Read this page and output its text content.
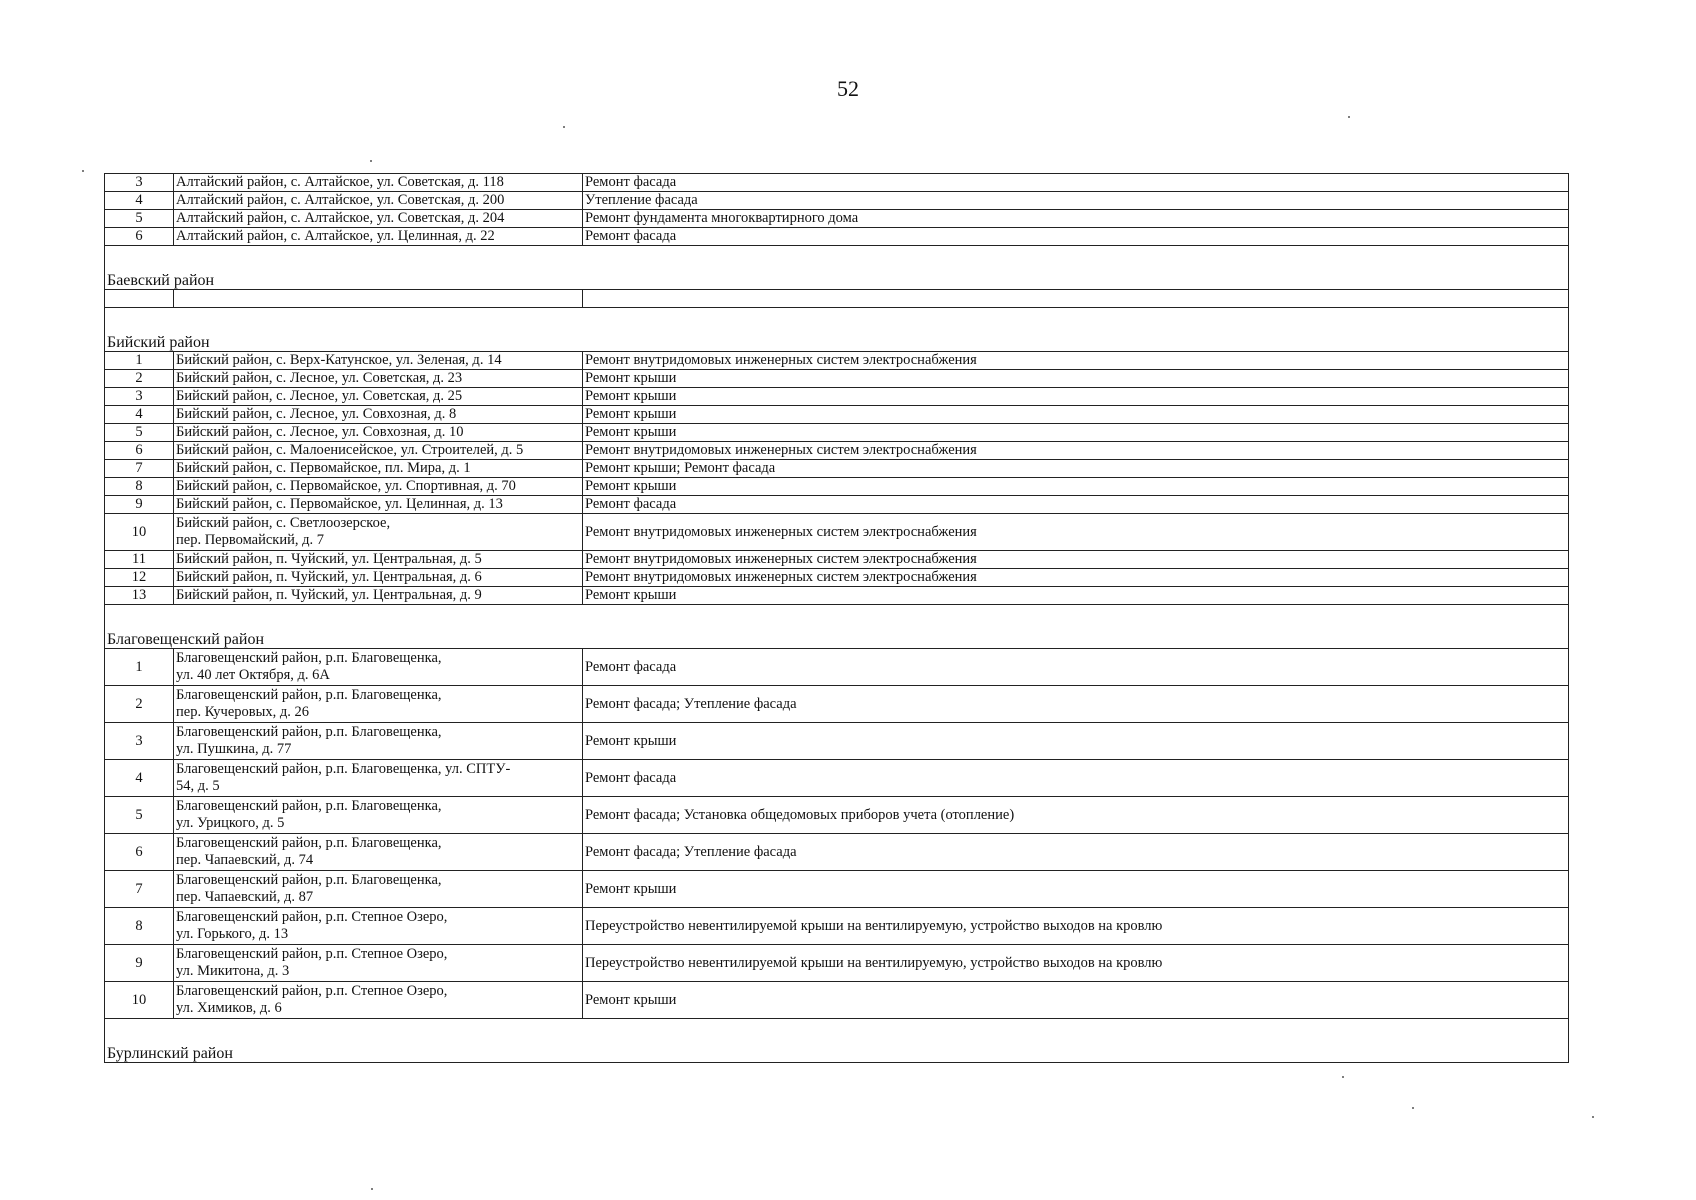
52
3	Алтайский район, с. Алтайское, ул. Советская, д. 118	Ремонт фасада
4	Алтайский район, с. Алтайское, ул. Советская, д. 200	Утепление фасада
5	Алтайский район, с. Алтайское, ул. Советская, д. 204	Ремонт фундамента многоквартирного дома
6	Алтайский район, с. Алтайское, ул. Целинная, д. 22	Ремонт фасада
Баевский район		

Бийский район		
1	Бийский район, с. Верх-Катунское, ул. Зеленая, д. 14	Ремонт внутридомовых инженерных систем электроснабжения
2	Бийский район, с. Лесное, ул. Советская, д. 23	Ремонт крыши
3	Бийский район, с. Лесное, ул. Советская, д. 25	Ремонт крыши
4	Бийский район, с. Лесное, ул. Совхозная, д. 8	Ремонт крыши
5	Бийский район, с. Лесное, ул. Совхозная, д. 10	Ремонт крыши
6	Бийский район, с. Малоенисейское, ул. Строителей, д. 5	Ремонт внутридомовых инженерных систем электроснабжения
7	Бийский район, с. Первомайское, пл. Мира, д. 1	Ремонт крыши; Ремонт фасада
8	Бийский район, с. Первомайское, ул. Спортивная, д. 70	Ремонт крыши
9	Бийский район, с. Первомайское, ул. Целинная, д. 13	Ремонт фасада
10	Бийский район, с. Светлоозерское,
пер. Первомайский, д. 7	Ремонт внутридомовых инженерных систем электроснабжения
11	Бийский район, п. Чуйский, ул. Центральная, д. 5	Ремонт внутридомовых инженерных систем электроснабжения
12	Бийский район, п. Чуйский, ул. Центральная, д. 6	Ремонт внутридомовых инженерных систем электроснабжения
13	Бийский район, п. Чуйский, ул. Центральная, д. 9	Ремонт крыши
Благовещенский район		
1	Благовещенский район, р.п. Благовещенка,
ул. 40 лет Октября, д. 6А	Ремонт фасада
2	Благовещенский район, р.п. Благовещенка,
пер. Кучеровых, д. 26	Ремонт фасада; Утепление фасада
3	Благовещенский район, р.п. Благовещенка,
ул. Пушкина, д. 77	Ремонт крыши
4	Благовещенский район, р.п. Благовещенка, ул. СПТУ-
54, д. 5	Ремонт фасада
5	Благовещенский район, р.п. Благовещенка,
ул. Урицкого, д. 5	Ремонт фасада; Установка общедомовых приборов учета (отопление)
6	Благовещенский район, р.п. Благовещенка,
пер. Чапаевский, д. 74	Ремонт фасада; Утепление фасада
7	Благовещенский район, р.п. Благовещенка,
пер. Чапаевский, д. 87	Ремонт крыши
8	Благовещенский район, р.п. Степное Озеро,
ул. Горького, д. 13	Переустройство невентилируемой крыши на вентилируемую, устройство выходов на кровлю
9	Благовещенский район, р.п. Степное Озеро,
ул. Микитона, д. 3	Переустройство невентилируемой крыши на вентилируемую, устройство выходов на кровлю
10	Благовещенский район, р.п. Степное Озеро,
ул. Химиков, д. 6	Ремонт крыши
Бурлинский район		
